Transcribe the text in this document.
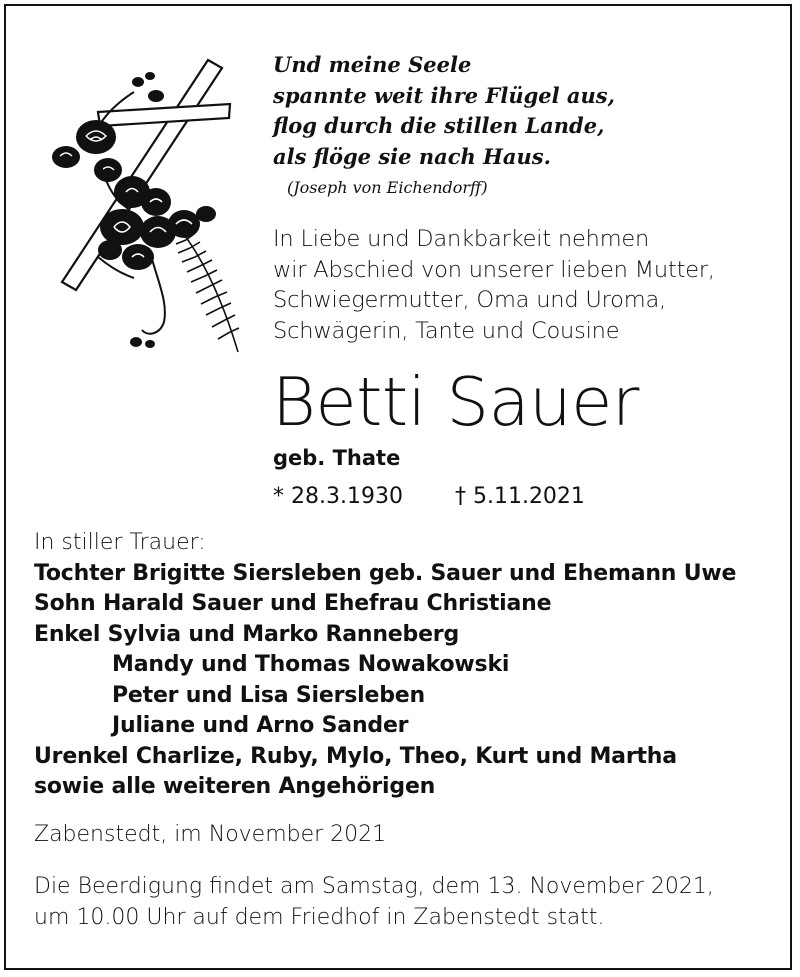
Und meine Seele
spannte weit ihre Flügel aus,
flog durch die stillen Lande,
als flöge sie nach Haus.
(Joseph von Eichendorff)
In Liebe und Dankbarkeit nehmen
wir Abschied von unserer lieben Mutter,
Schwiegermutter, Oma und Uroma,
Schwägerin, Tante und Cousine
Betti Sauer
geb. Thate
* 28.3.1930 † 5.11.2021
In stiller Trauer:
Tochter Brigitte Siersleben geb. Sauer und Ehemann Uwe
Sohn Harald Sauer und Ehefrau Christiane
Enkel Sylvia und Marko Ranneberg
Mandy und Thomas Nowakowski
Peter und Lisa Siersleben
Juliane und Arno Sander
Urenkel Charlize, Ruby, Mylo, Theo, Kurt und Martha
sowie alle weiteren Angehörigen
Zabenstedt, im November 2021
Die Beerdigung findet am Samstag, dem 13. November 2021,
um 10.00 Uhr auf dem Friedhof in Zabenstedt statt.
